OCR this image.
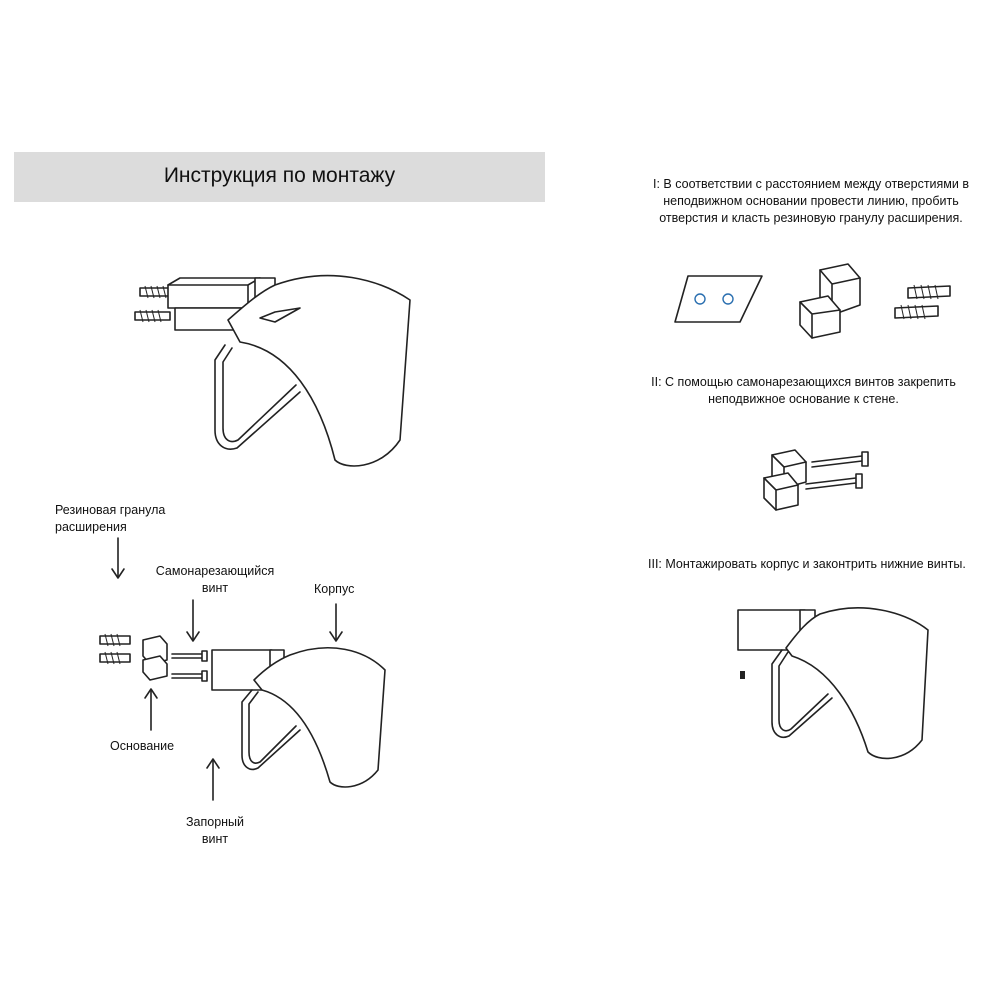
Инструкция по монтажу
Резиновая гранула
расширения
Самонарезающийся
винт	Корпус
Основание
Запорный
винт
I: В соответствии с расстоянием между отверстиями в
неподвижном основании провести линию, пробить
отверстия и класть резиновую гранулу расширения.
II: С помощью самонарезающихся винтов закрепить
неподвижное основание к стене.
III: Монтажировать корпус и законтрить нижние винты.
